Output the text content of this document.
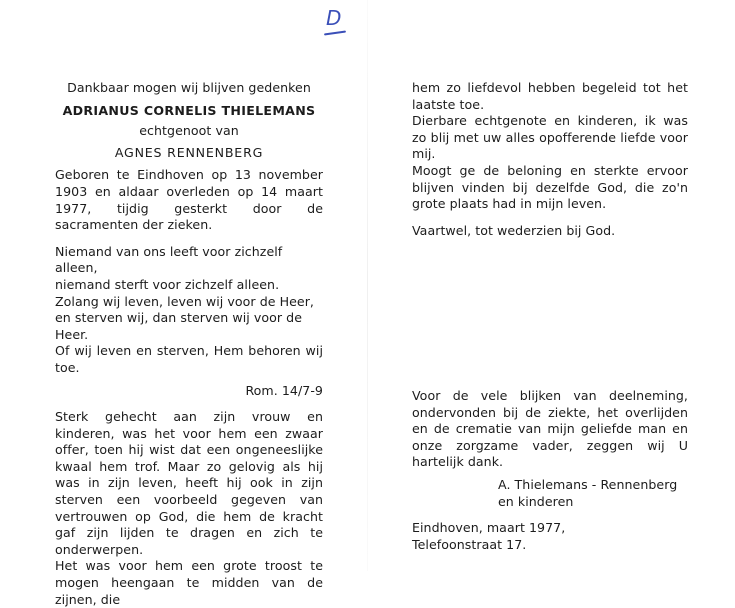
D

Dankbaar mogen wij blijven gedenken

ADRIANUS CORNELIS THIELEMANS

echtgenoot van

AGNES RENNENBERG

Geboren te Eindhoven op 13 november 1903 en aldaar overleden op 14 maart 1977, tijdig gesterkt door de sacramenten der zieken.

Niemand van ons leeft voor zichzelf alleen,

niemand sterft voor zichzelf alleen.

Zolang wij leven, leven wij voor de Heer,

en sterven wij, dan sterven wij voor de Heer.

Of wij leven en sterven, Hem behoren wij toe.

Rom. 14/7-9

Sterk gehecht aan zijn vrouw en kinderen, was het voor hem een zwaar offer, toen hij wist dat een ongeneeslijke kwaal hem trof. Maar zo gelovig als hij was in zijn leven, heeft hij ook in zijn sterven een voorbeeld gegeven van vertrouwen op God, die hem de kracht gaf zijn lijden te dragen en zich te onderwerpen.

Het was voor hem een grote troost te mogen heengaan te midden van de zijnen, die

hem zo liefdevol hebben begeleid tot het laatste toe.

Dierbare echtgenote en kinderen, ik was zo blij met uw alles opofferende liefde voor mij.

Moogt ge de beloning en sterkte ervoor blijven vinden bij dezelfde God, die zo'n grote plaats had in mijn leven.

Vaartwel, tot wederzien bij God.

Voor de vele blijken van deelneming, ondervonden bij de ziekte, het overlijden en de crematie van mijn geliefde man en onze zorgzame vader, zeggen wij U hartelijk dank.

A. Thielemans - Rennenberg

en kinderen

Eindhoven, maart 1977,

Telefoonstraat 17.
